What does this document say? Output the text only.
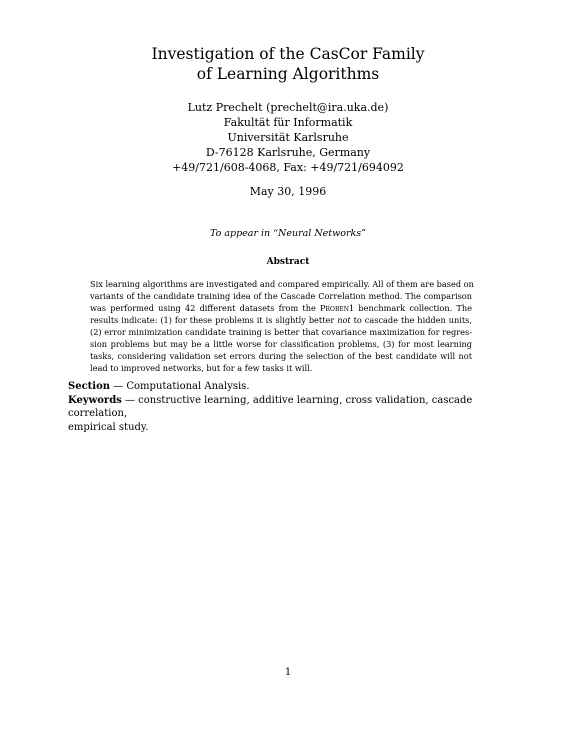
Investigation of the CasCor Family
of Learning Algorithms
Lutz Prechelt (prechelt@ira.uka.de)
Fakultät für Informatik
Universität Karlsruhe
D-76128 Karlsruhe, Germany
+49/721/608-4068, Fax: +49/721/694092
May 30, 1996
To appear in “Neural Networks”
Abstract
Six learning algorithms are investigated and compared empirically. All of them are based on
variants of the candidate training idea of the Cascade Correlation method. The comparison
was performed using 42 different datasets from the Proben1 benchmark collection. The
results indicate: (1) for these problems it is slightly better not to cascade the hidden units,
(2) error minimization candidate training is better that covariance maximization for regres-
sion problems but may be a little worse for classification problems, (3) for most learning
tasks, considering validation set errors during the selection of the best candidate will not
lead to improved networks, but for a few tasks it will.
Section — Computational Analysis.
Keywords — constructive learning, additive learning, cross validation, cascade correlation,
empirical study.
1
